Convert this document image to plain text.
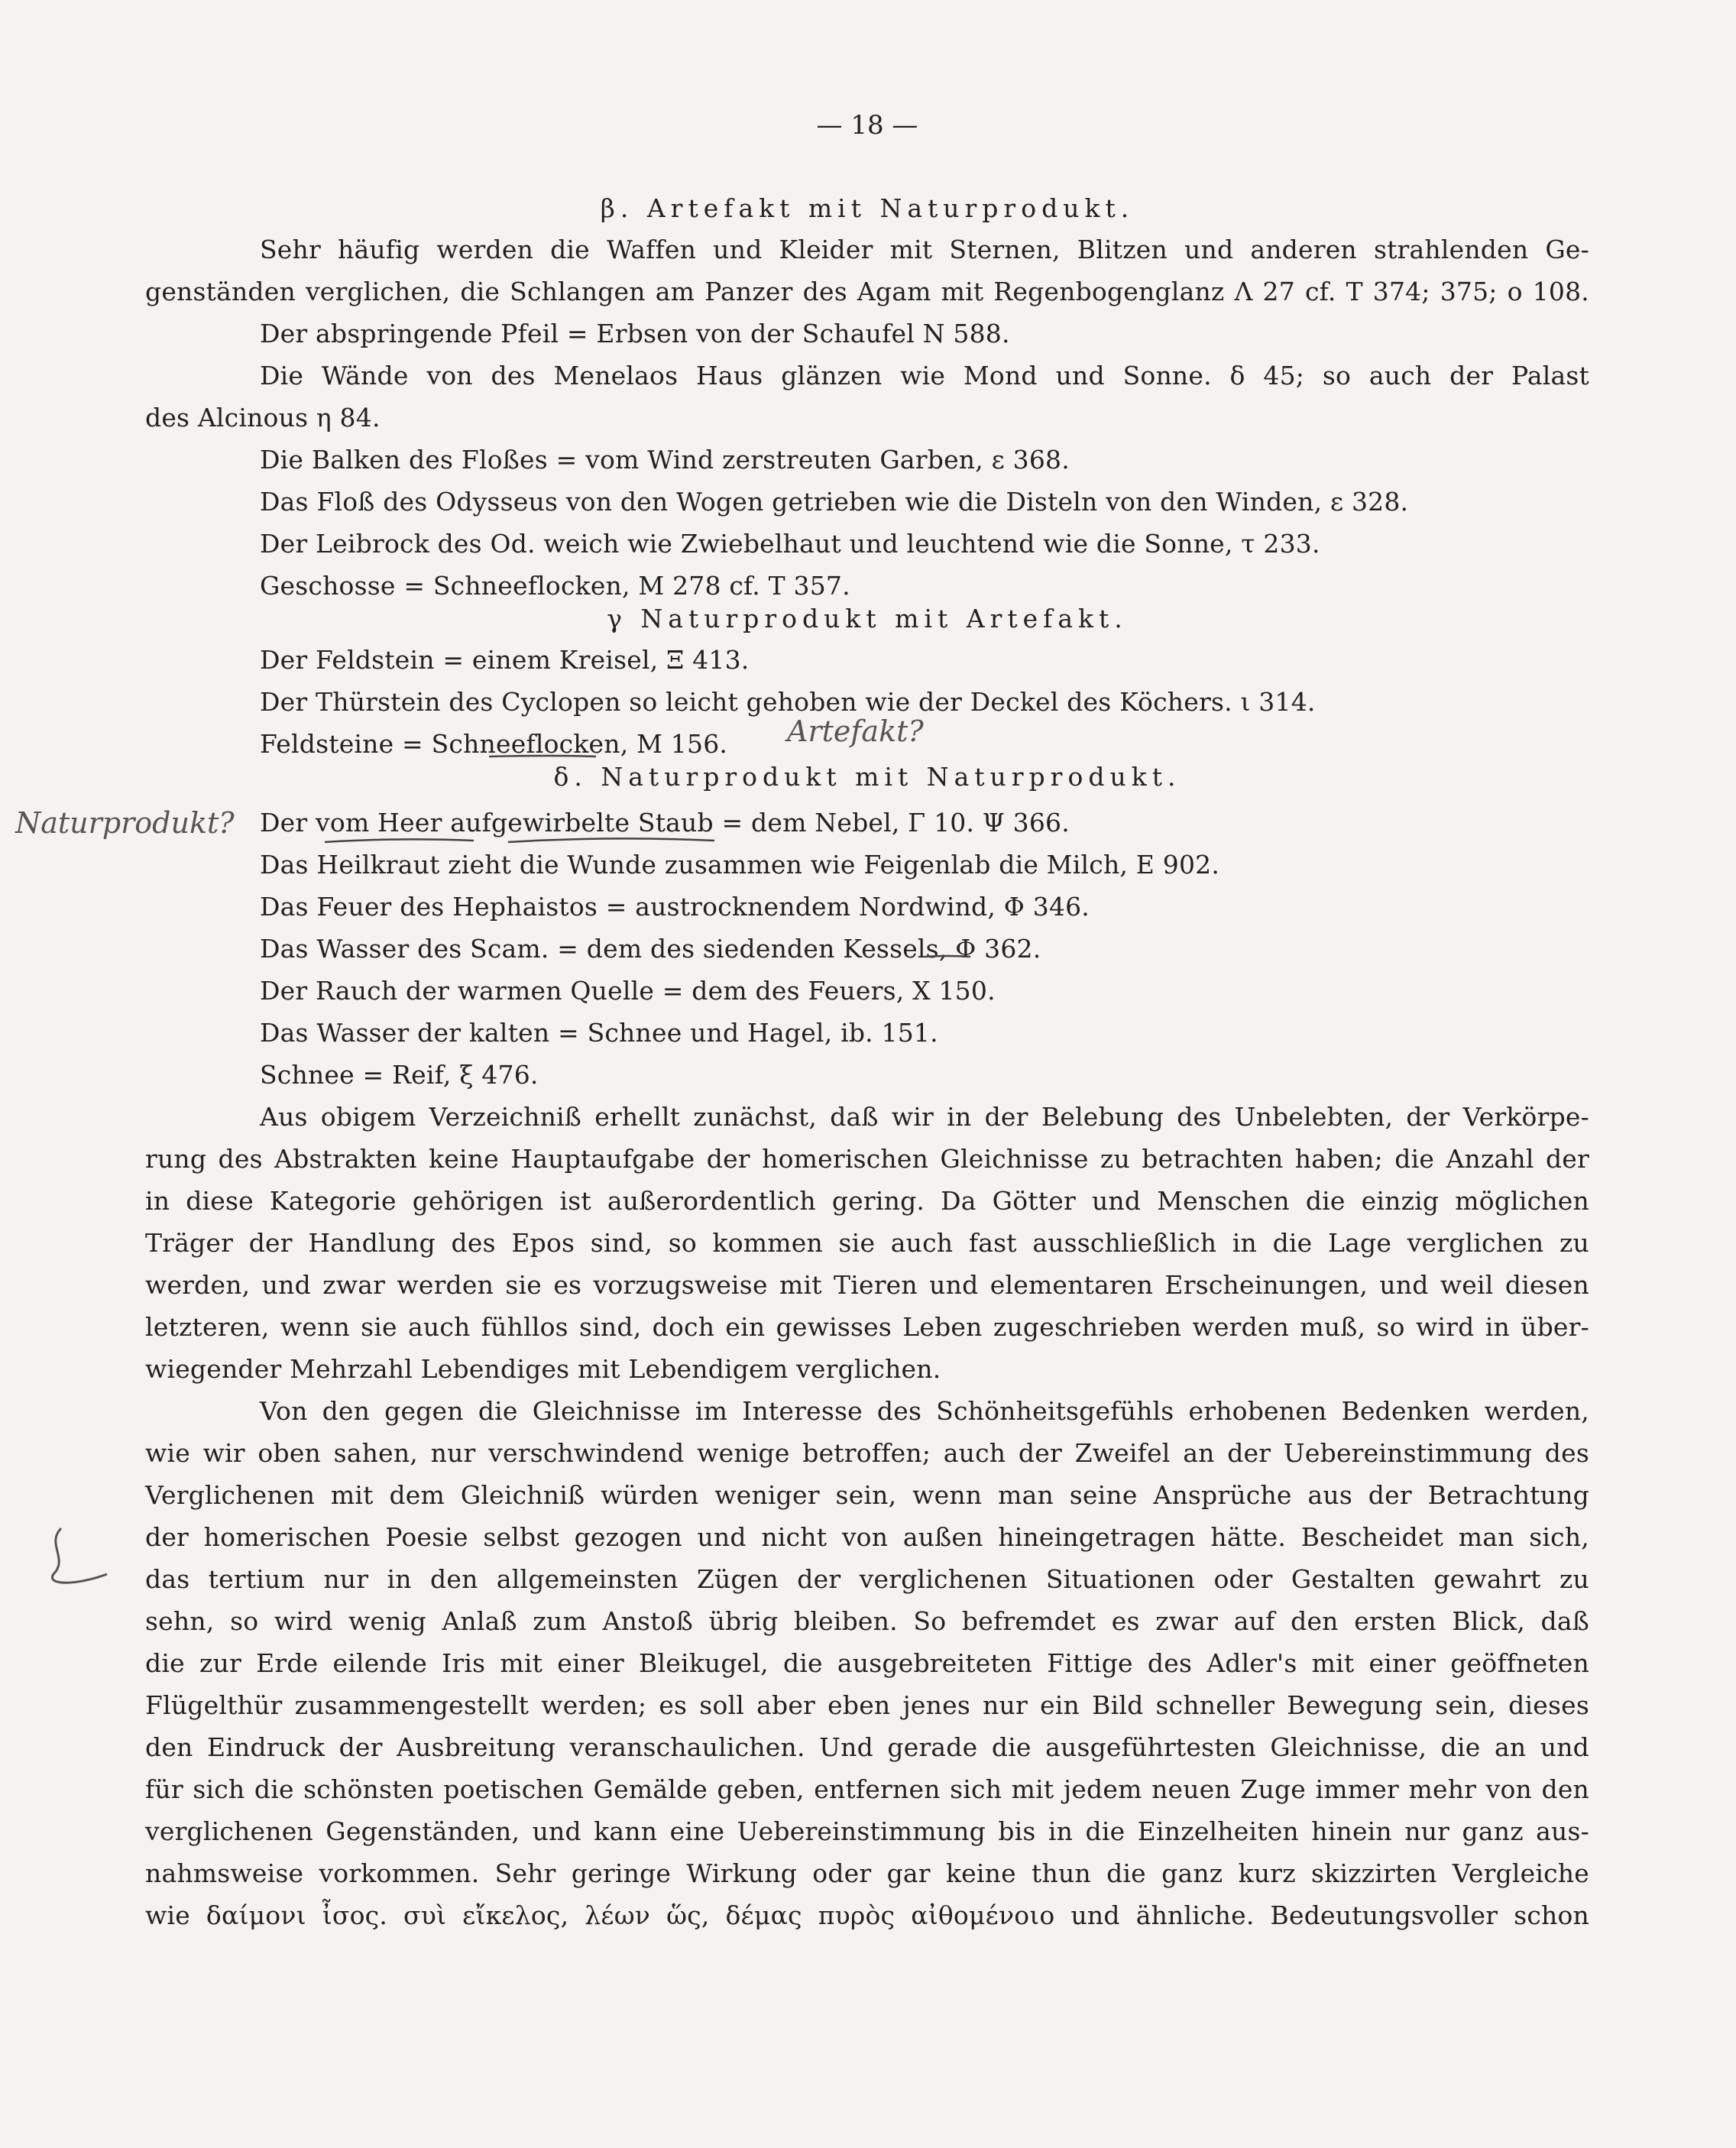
— 18 —

β. Artefakt mit Naturprodukt.

Sehr häufig werden die Waffen und Kleider mit Sternen, Blitzen und anderen strahlenden Ge-

genständen verglichen, die Schlangen am Panzer des Agam mit Regenbogenglanz Λ 27 cf. T 374; 375; o 108.

Der abspringende Pfeil = Erbsen von der Schaufel N 588.

Die Wände von des Menelaos Haus glänzen wie Mond und Sonne. δ 45; so auch der Palast

des Alcinous η 84.

Die Balken des Floßes = vom Wind zerstreuten Garben, ε 368.

Das Floß des Odysseus von den Wogen getrieben wie die Disteln von den Winden, ε 328.

Der Leibrock des Od. weich wie Zwiebelhaut und leuchtend wie die Sonne, τ 233.

Geschosse = Schneeflocken, M 278 cf. T 357.

γ Naturprodukt mit Artefakt.

Der Feldstein = einem Kreisel, Ξ 413.

Der Thürstein des Cyclopen so leicht gehoben wie der Deckel des Köchers. ι 314.

Feldsteine = Schneeflocken, M 156.	Artefakt?

δ. Naturprodukt mit Naturprodukt.

Naturprodukt?	Der vom Heer aufgewirbelte Staub = dem Nebel, Γ 10. Ψ 366.

Das Heilkraut zieht die Wunde zusammen wie Feigenlab die Milch, E 902.

Das Feuer des Hephaistos = austrocknendem Nordwind, Φ 346.

Das Wasser des Scam. = dem des siedenden Kessels, Φ 362.

Der Rauch der warmen Quelle = dem des Feuers, X 150.

Das Wasser der kalten = Schnee und Hagel, ib. 151.

Schnee = Reif, ξ 476.

Aus obigem Verzeichniß erhellt zunächst, daß wir in der Belebung des Unbelebten, der Verkörpe-

rung des Abstrakten keine Hauptaufgabe der homerischen Gleichnisse zu betrachten haben; die Anzahl der

in diese Kategorie gehörigen ist außerordentlich gering. Da Götter und Menschen die einzig möglichen

Träger der Handlung des Epos sind, so kommen sie auch fast ausschließlich in die Lage verglichen zu

werden, und zwar werden sie es vorzugsweise mit Tieren und elementaren Erscheinungen, und weil diesen

letzteren, wenn sie auch fühllos sind, doch ein gewisses Leben zugeschrieben werden muß, so wird in über-

wiegender Mehrzahl Lebendiges mit Lebendigem verglichen.

Von den gegen die Gleichnisse im Interesse des Schönheitsgefühls erhobenen Bedenken werden,

wie wir oben sahen, nur verschwindend wenige betroffen; auch der Zweifel an der Uebereinstimmung des

Verglichenen mit dem Gleichniß würden weniger sein, wenn man seine Ansprüche aus der Betrachtung

der homerischen Poesie selbst gezogen und nicht von außen hineingetragen hätte. Bescheidet man sich,

das tertium nur in den allgemeinsten Zügen der verglichenen Situationen oder Gestalten gewahrt zu

sehn, so wird wenig Anlaß zum Anstoß übrig bleiben. So befremdet es zwar auf den ersten Blick, daß

die zur Erde eilende Iris mit einer Bleikugel, die ausgebreiteten Fittige des Adler's mit einer geöffneten

Flügelthür zusammengestellt werden; es soll aber eben jenes nur ein Bild schneller Bewegung sein, dieses

den Eindruck der Ausbreitung veranschaulichen. Und gerade die ausgeführtesten Gleichnisse, die an und

für sich die schönsten poetischen Gemälde geben, entfernen sich mit jedem neuen Zuge immer mehr von den

verglichenen Gegenständen, und kann eine Uebereinstimmung bis in die Einzelheiten hinein nur ganz aus-

nahmsweise vorkommen. Sehr geringe Wirkung oder gar keine thun die ganz kurz skizzirten Vergleiche

wie δαίμονι ἶσος. συὶ εἴκελος, λέων ὥς, δέμας πυρὸς αἰθομένοιο und ähnliche. Bedeutungsvoller schon
